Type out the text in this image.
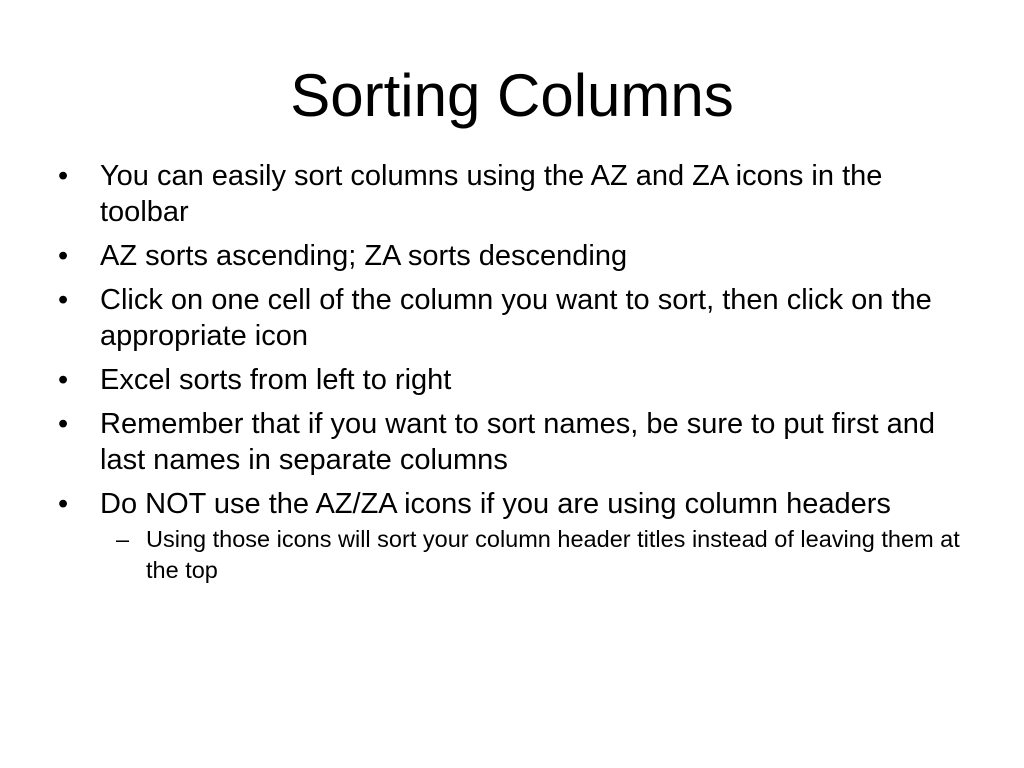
Sorting Columns
•	You can easily sort columns using the AZ and ZA icons in the toolbar
•	AZ sorts ascending; ZA sorts descending
•	Click on one cell of the column you want to sort, then click on the appropriate icon
•	Excel sorts from left to right
•	Remember that if you want to sort names, be sure to put first and last names in separate columns
•	Do NOT use the AZ/ZA icons if you are using column headers
– Using those icons will sort your column header titles instead of leaving them at the top
